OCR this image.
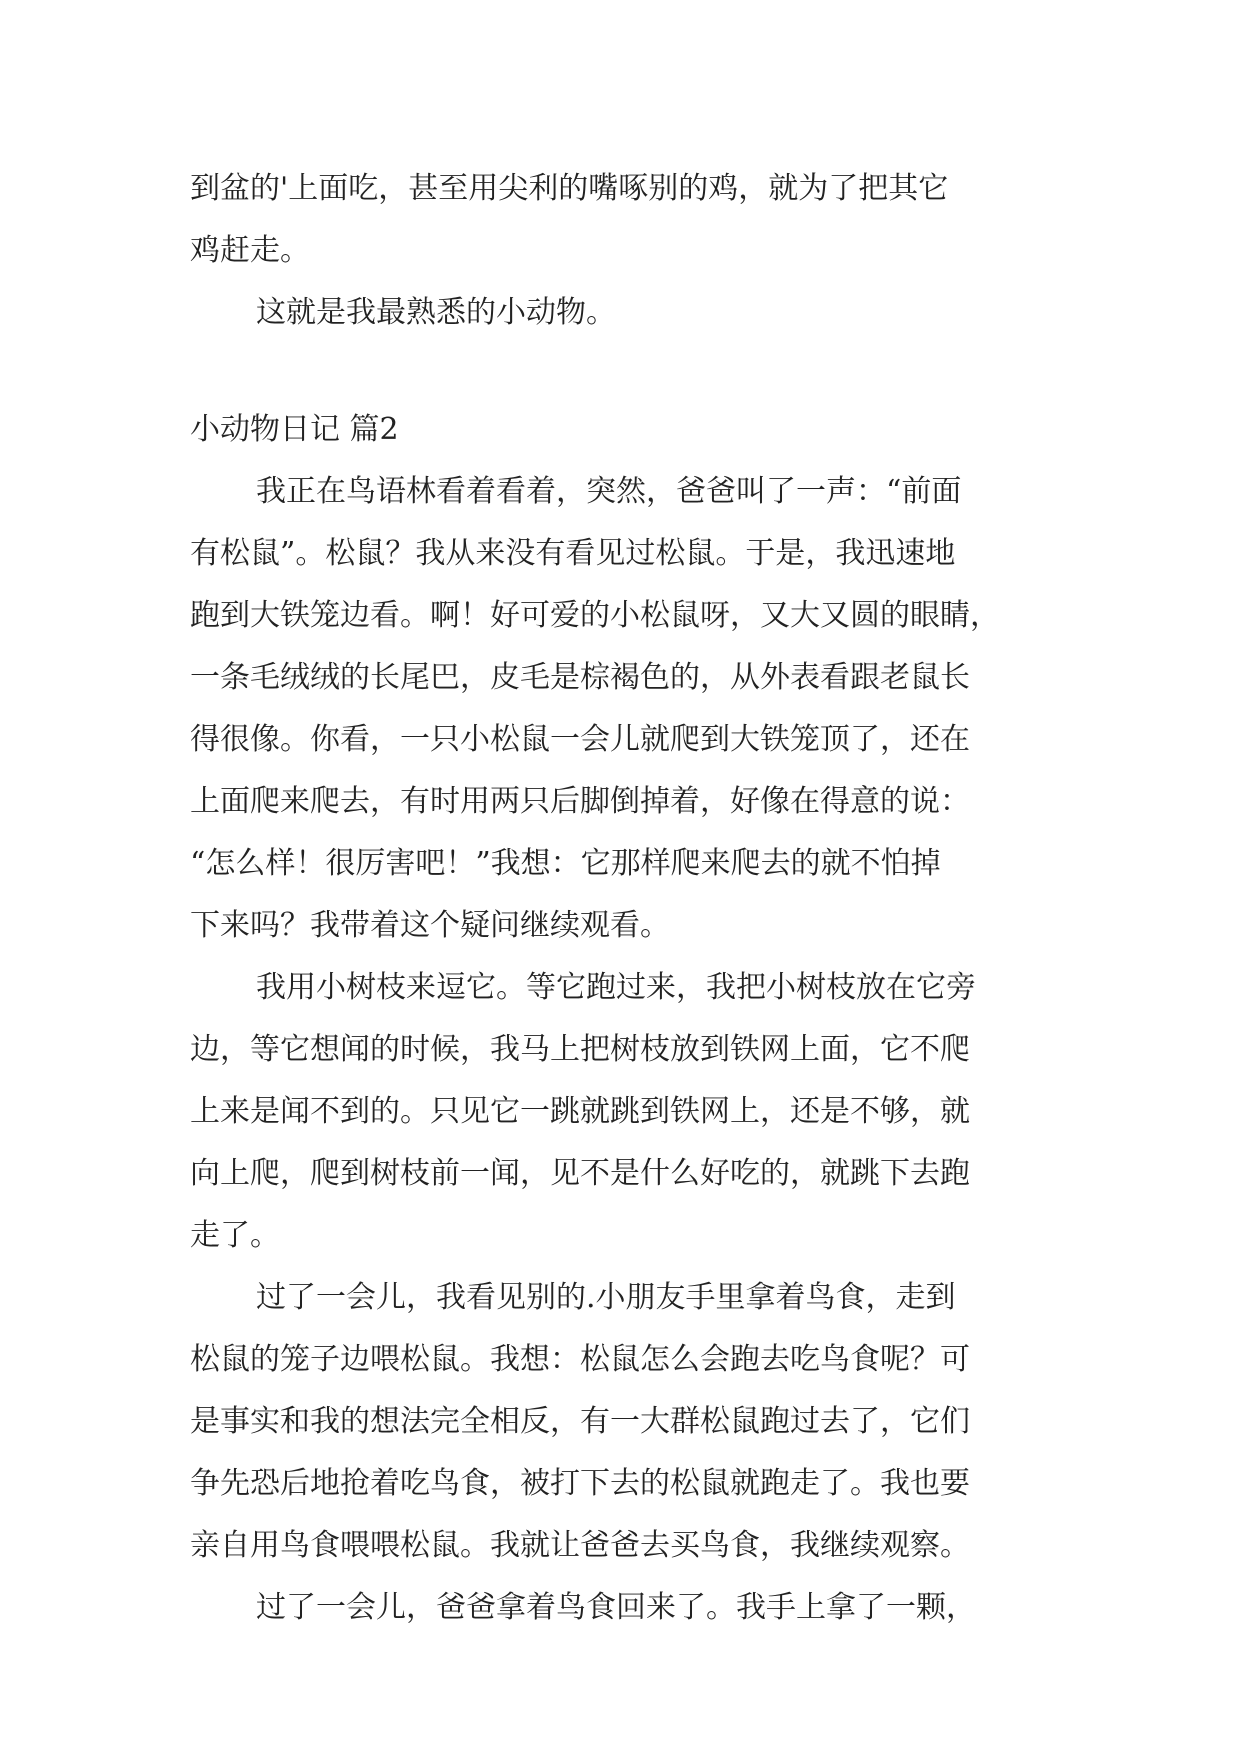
到盆的'上面吃，甚至用尖利的嘴啄别的鸡，就为了把其它
鸡赶走。
这就是我最熟悉的小动物。
小动物日记 篇2
我正在鸟语林看着看着，突然，爸爸叫了一声：“前面
有松鼠”。松鼠？我从来没有看见过松鼠。于是，我迅速地
跑到大铁笼边看。啊！好可爱的小松鼠呀，又大又圆的眼睛，
一条毛绒绒的长尾巴，皮毛是棕褐色的，从外表看跟老鼠长
得很像。你看，一只小松鼠一会儿就爬到大铁笼顶了，还在
上面爬来爬去，有时用两只后脚倒掉着，好像在得意的说：
“怎么样！很厉害吧！”我想：它那样爬来爬去的就不怕掉
下来吗？我带着这个疑问继续观看。
我用小树枝来逗它。等它跑过来，我把小树枝放在它旁
边，等它想闻的时候，我马上把树枝放到铁网上面，它不爬
上来是闻不到的。只见它一跳就跳到铁网上，还是不够，就
向上爬，爬到树枝前一闻，见不是什么好吃的，就跳下去跑
走了。
过了一会儿，我看见别的.小朋友手里拿着鸟食，走到
松鼠的笼子边喂松鼠。我想：松鼠怎么会跑去吃鸟食呢？可
是事实和我的想法完全相反，有一大群松鼠跑过去了，它们
争先恐后地抢着吃鸟食，被打下去的松鼠就跑走了。我也要
亲自用鸟食喂喂松鼠。我就让爸爸去买鸟食，我继续观察。
过了一会儿，爸爸拿着鸟食回来了。我手上拿了一颗，
